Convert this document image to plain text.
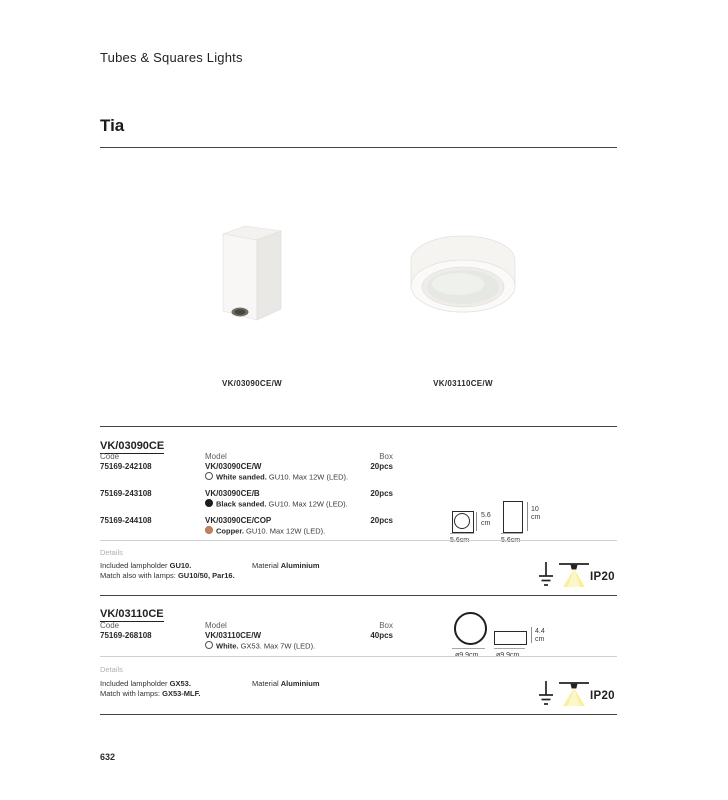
Tubes & Squares Lights
Tia
VK/03090CE/W	VK/03110CE/W
VK/03090CE
Code	Model	Box
75169-242108	VK/03090CE/W	20pcs
White sanded. GU10. Max 12W (LED).
75169-243108	VK/03090CE/B	20pcs
Black sanded. GU10. Max 12W (LED).
75169-244108	VK/03090CE/COP	20pcs
Copper. GU10. Max 12W (LED).
5.6
cm
5.6cm
10
cm
5.6cm
Details
Included lampholder GU10.
Match also with lamps: GU10/50, Par16.
Material Aluminium
IP20
VK/03110CE
Code	Model	Box
75169-268108	VK/03110CE/W	40pcs
White. GX53. Max 7W (LED).
ø9.9cm	ø9.9cm
4.4
cm
Details
Included lampholder GX53.
Match with lamps: GX53-MLF.
Material Aluminium
IP20
632
